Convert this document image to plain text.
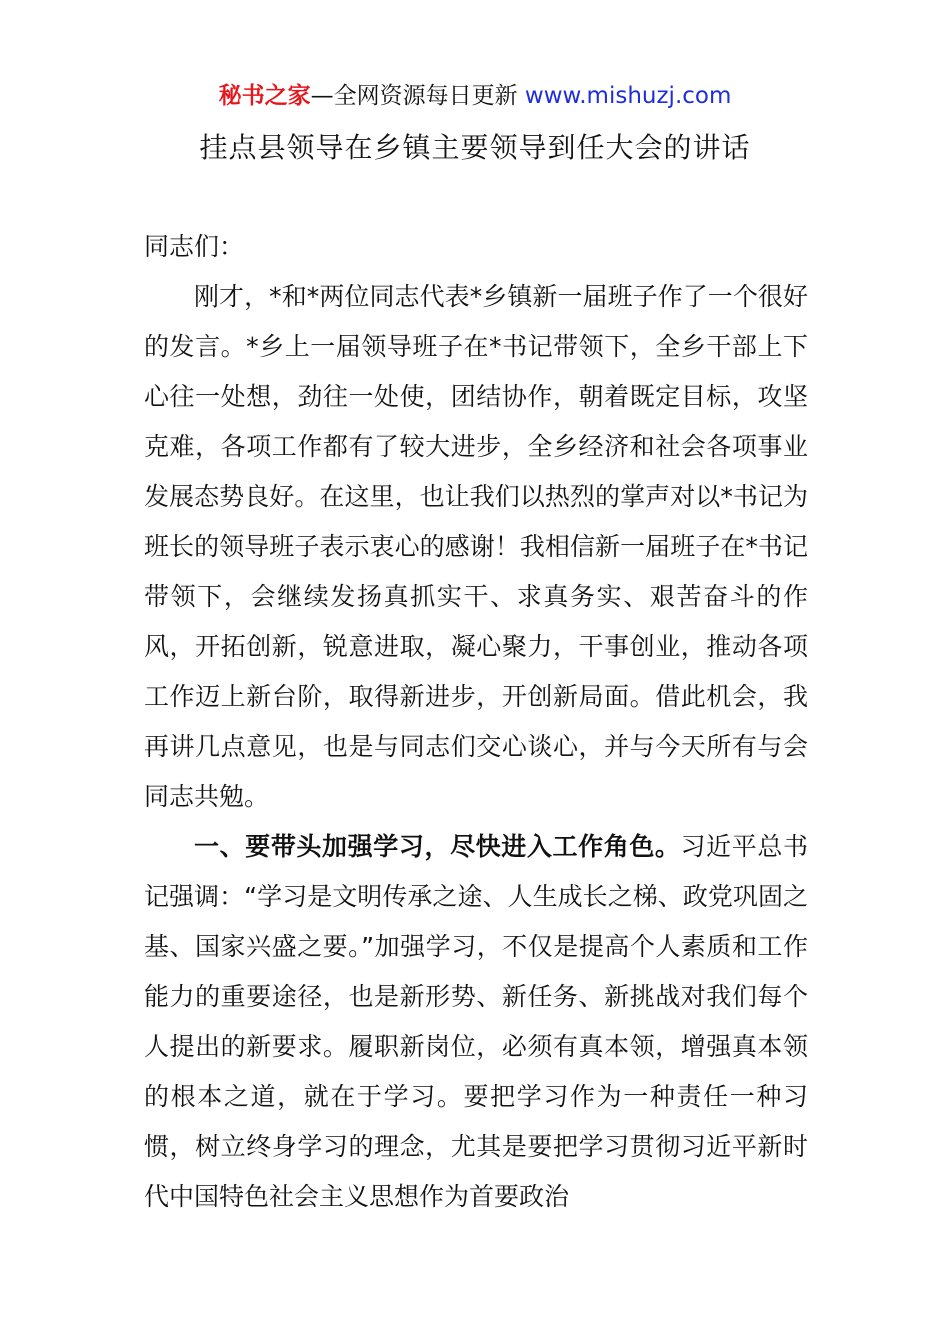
秘书之家—全网资源每日更新 www.mishuzj.com
挂点县领导在乡镇主要领导到任大会的讲话

同志们：

刚才，*和*两位同志代表*乡镇新一届班子作了一个很好的发言。*乡上一届领导班子在*书记带领下，全乡干部上下心往一处想，劲往一处使，团结协作，朝着既定目标，攻坚克难，各项工作都有了较大进步，全乡经济和社会各项事业发展态势良好。在这里，也让我们以热烈的掌声对以*书记为班长的领导班子表示衷心的感谢！我相信新一届班子在*书记带领下，会继续发扬真抓实干、求真务实、艰苦奋斗的作风，开拓创新，锐意进取，凝心聚力，干事创业，推动各项工作迈上新台阶，取得新进步，开创新局面。借此机会，我再讲几点意见，也是与同志们交心谈心，并与今天所有与会同志共勉。

一、要带头加强学习，尽快进入工作角色。习近平总书记强调：“学习是文明传承之途、人生成长之梯、政党巩固之基、国家兴盛之要。”加强学习，不仅是提高个人素质和工作能力的重要途径，也是新形势、新任务、新挑战对我们每个人提出的新要求。履职新岗位，必须有真本领，增强真本领的根本之道，就在于学习。要把学习作为一种责任一种习惯，树立终身学习的理念，尤其是要把学习贯彻习近平新时代中国特色社会主义思想作为首要政治
